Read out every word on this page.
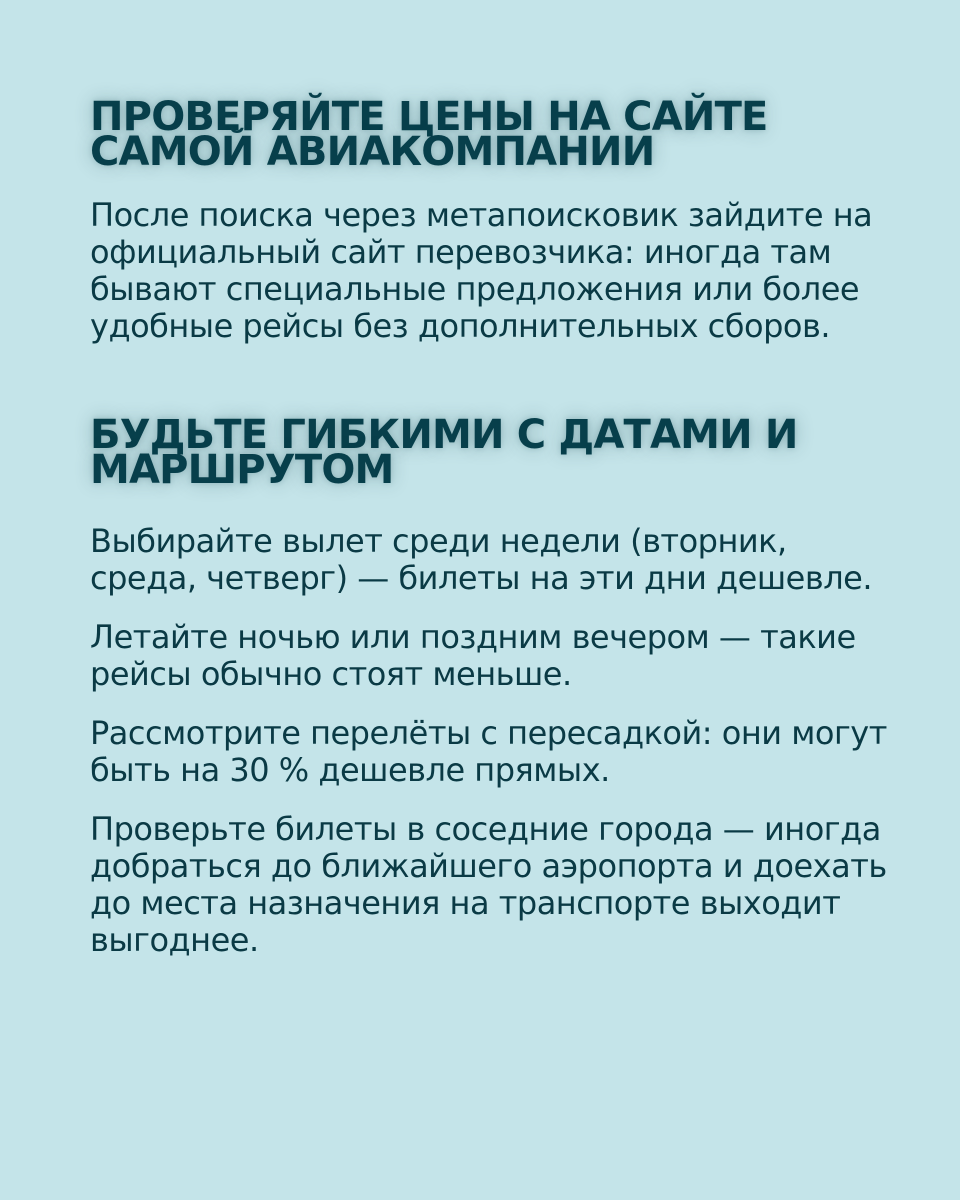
ПРОВЕРЯЙТЕ ЦЕНЫ НА САЙТЕ САМОЙ АВИАКОМПАНИИ

После поиска через метапоисковик зайдите на официальный сайт перевозчика: иногда там бывают специальные предложения или более удобные рейсы без дополнительных сборов.

БУДЬТЕ ГИБКИМИ С ДАТАМИ И МАРШРУТОМ

Выбирайте вылет среди недели (вторник, среда, четверг) — билеты на эти дни дешевле.

Летайте ночью или поздним вечером — такие рейсы обычно стоят меньше.

Рассмотрите перелёты с пересадкой: они могут быть на 30 % дешевле прямых.

Проверьте билеты в соседние города — иногда добраться до ближайшего аэропорта и доехать до места назначения на транспорте выходит выгоднее.
